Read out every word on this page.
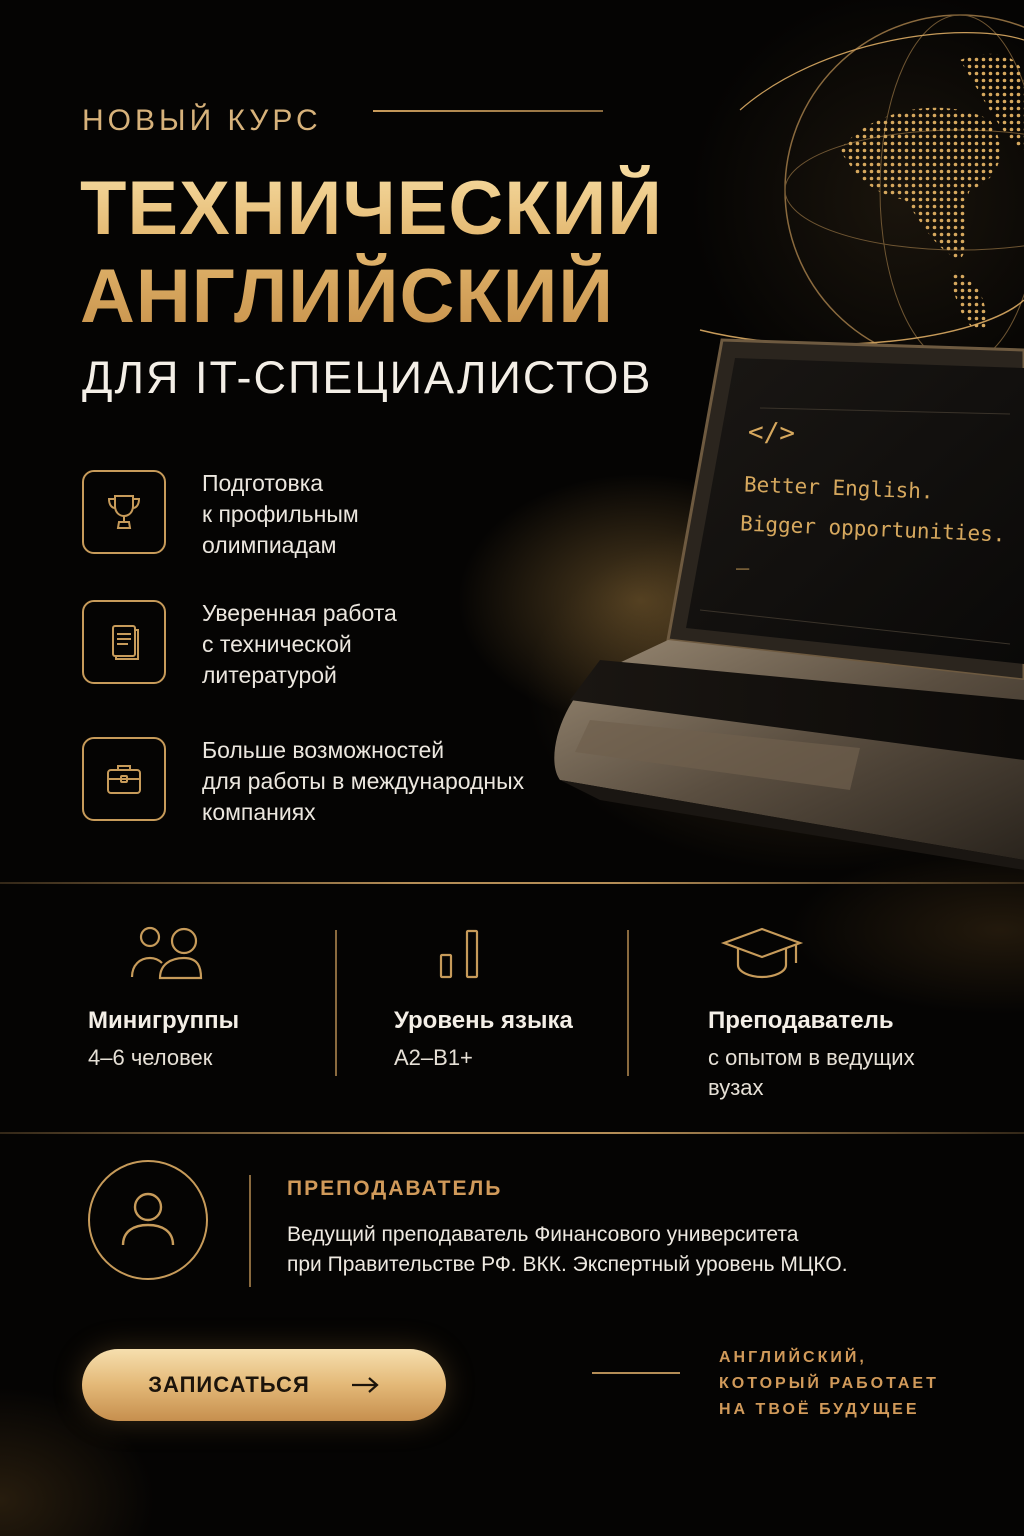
</>
Better English.
Bigger opportunities.
_
НОВЫЙ КУРС
ТЕХНИЧЕСКИЙ
АНГЛИЙСКИЙ
ДЛЯ IT-СПЕЦИАЛИСТОВ
Подготовка
к профильным
олимпиадам
Уверенная работа
с технической
литературой
Больше возможностей
для работы в международных
компаниях
Минигруппы
4–6 человек
Уровень языка
A2–B1+
Преподаватель
с опытом в ведущих
вузах
ПРЕПОДАВАТЕЛЬ
Ведущий преподаватель Финансового университета
при Правительстве РФ. ВКК. Экспертный уровень МЦКО.
ЗАПИСАТЬСЯ
АНГЛИЙСКИЙ,
КОТОРЫЙ РАБОТАЕТ
НА ТВОЁ БУДУЩЕЕ
